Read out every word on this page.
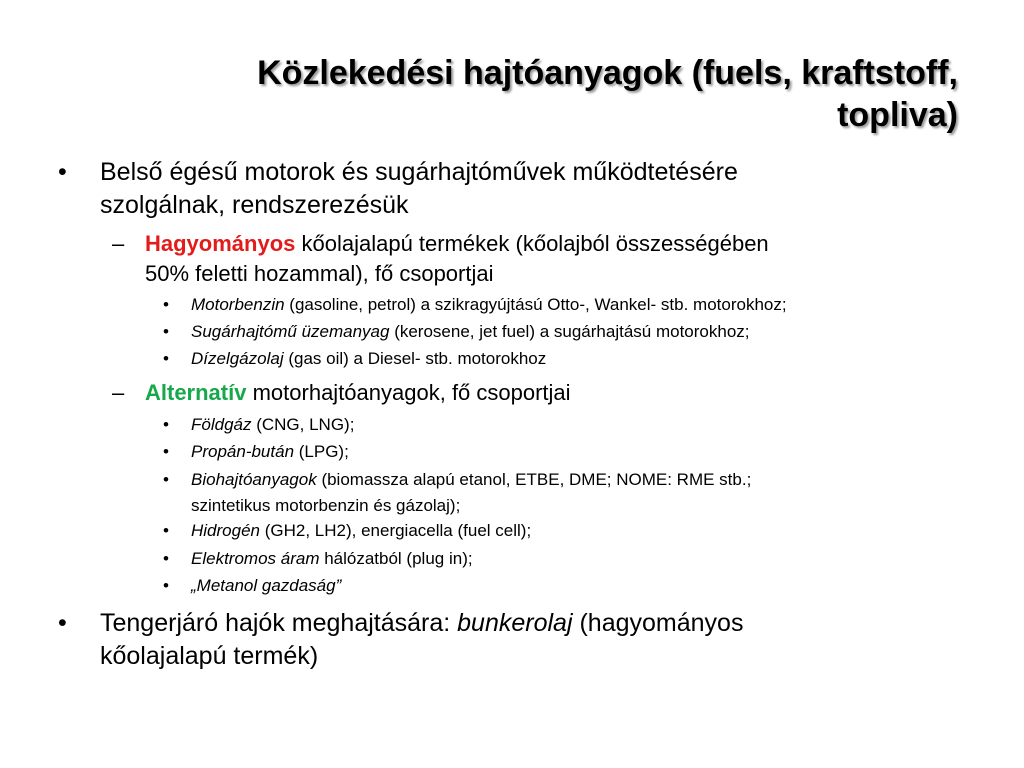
Közlekedési hajtóanyagok (fuels, kraftstoff,
topliva)
• Belső égésű motorok és sugárhajtóművek működtetésére
szolgálnak, rendszerezésük
– Hagyományos kőolajalapú termékek (kőolajból összességében
50% feletti hozammal), fő csoportjai
• Motorbenzin (gasoline, petrol) a szikragyújtású Otto-, Wankel- stb. motorokhoz;
• Sugárhajtómű üzemanyag (kerosene, jet fuel) a sugárhajtású motorokhoz;
• Dízelgázolaj (gas oil) a Diesel- stb. motorokhoz
– Alternatív motorhajtóanyagok, fő csoportjai
• Földgáz (CNG, LNG);
• Propán-bután (LPG);
• Biohajtóanyagok (biomassza alapú etanol, ETBE, DME; NOME: RME stb.;
szintetikus motorbenzin és gázolaj);
• Hidrogén (GH2, LH2), energiacella (fuel cell);
• Elektromos áram hálózatból (plug in);
• „Metanol gazdaság”
• Tengerjáró hajók meghajtására: bunkerolaj (hagyományos
kőolajalapú termék)
